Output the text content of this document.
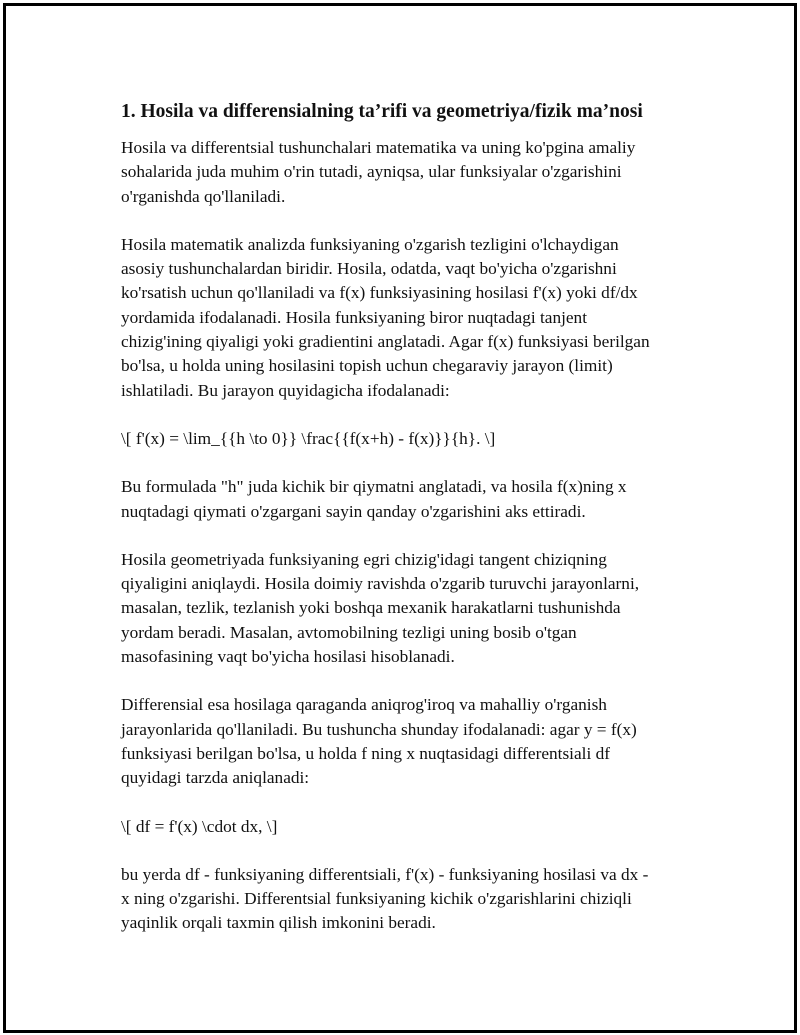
1. Hosila va differensialning ta’rifi va geometriya/fizik ma’nosi

Hosila va differentsial tushunchalari matematika va uning ko'pgina amaliy
sohalarida juda muhim o'rin tutadi, ayniqsa, ular funksiyalar o'zgarishini
o'rganishda qo'llaniladi.

Hosila matematik analizda funksiyaning o'zgarish tezligini o'lchaydigan
asosiy tushunchalardan biridir. Hosila, odatda, vaqt bo'yicha o'zgarishni
ko'rsatish uchun qo'llaniladi va f(x) funksiyasining hosilasi f'(x) yoki df/dx
yordamida ifodalanadi. Hosila funksiyaning biror nuqtadagi tanjent
chizig'ining qiyaligi yoki gradientini anglatadi. Agar f(x) funksiyasi berilgan
bo'lsa, u holda uning hosilasini topish uchun chegaraviy jarayon (limit)
ishlatiladi. Bu jarayon quyidagicha ifodalanadi:

\[ f'(x) = \lim_{{h \to 0}} \frac{{f(x+h) - f(x)}}{h}. \]

Bu formulada "h" juda kichik bir qiymatni anglatadi, va hosila f(x)ning x
nuqtadagi qiymati o'zgargani sayin qanday o'zgarishini aks ettiradi.

Hosila geometriyada funksiyaning egri chizig'idagi tangent chiziqning
qiyaligini aniqlaydi. Hosila doimiy ravishda o'zgarib turuvchi jarayonlarni,
masalan, tezlik, tezlanish yoki boshqa mexanik harakatlarni tushunishda
yordam beradi. Masalan, avtomobilning tezligi uning bosib o'tgan
masofasining vaqt bo'yicha hosilasi hisoblanadi.

Differensial esa hosilaga qaraganda aniqrog'iroq va mahalliy o'rganish
jarayonlarida qo'llaniladi. Bu tushuncha shunday ifodalanadi: agar y = f(x)
funksiyasi berilgan bo'lsa, u holda f ning x nuqtasidagi differentsiali df
quyidagi tarzda aniqlanadi:

\[ df = f'(x) \cdot dx, \]

bu yerda df - funksiyaning differentsiali, f'(x) - funksiyaning hosilasi va dx -
x ning o'zgarishi. Differentsial funksiyaning kichik o'zgarishlarini chiziqli
yaqinlik orqali taxmin qilish imkonini beradi.
